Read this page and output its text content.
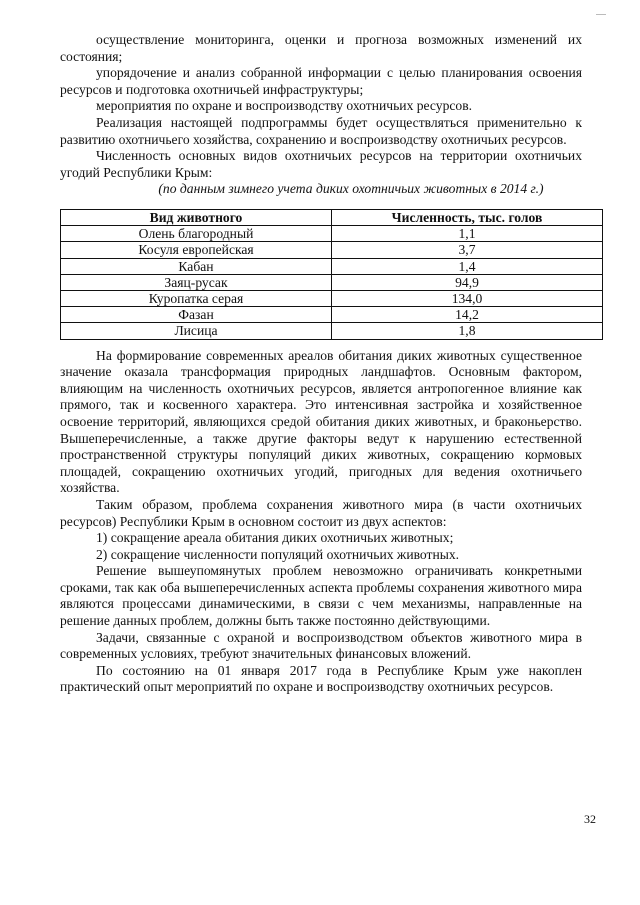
осуществление мониторинга, оценки и прогноза возможных изменений их состояния;

упорядочение и анализ собранной информации с целью планирования освоения ресурсов и подготовка охотничьей инфраструктуры;

мероприятия по охране и воспроизводству охотничьих ресурсов.

Реализация настоящей подпрограммы будет осуществляться применительно к развитию охотничьего хозяйства, сохранению и воспроизводству охотничьих ресурсов.

Численность основных видов охотничьих ресурсов на территории охотничьих угодий Республики Крым:

(по данным зимнего учета диких охотничьих животных в 2014 г.)

Вид животного	Численность, тыс. голов
Олень благородный	1,1
Косуля европейская	3,7
Кабан	1,4
Заяц-русак	94,9
Куропатка серая	134,0
Фазан	14,2
Лисица	1,8

На формирование современных ареалов обитания диких животных существенное значение оказала трансформация природных ландшафтов. Основным фактором, влияющим на численность охотничьих ресурсов, является антропогенное влияние как прямого, так и косвенного характера. Это интенсивная застройка и хозяйственное освоение территорий, являющихся средой обитания диких животных, и браконьерство. Вышеперечисленные, а также другие факторы ведут к нарушению естественной пространственной структуры популяций диких животных, сокращению кормовых площадей, сокращению охотничьих угодий, пригодных для ведения охотничьего хозяйства.

Таким образом, проблема сохранения животного мира (в части охотничьих ресурсов) Республики Крым в основном состоит из двух аспектов:

1) сокращение ареала обитания диких охотничьих животных;

2) сокращение численности популяций охотничьих животных.

Решение вышеупомянутых проблем невозможно ограничивать конкретными сроками, так как оба вышеперечисленных аспекта проблемы сохранения животного мира являются процессами динамическими, в связи с чем механизмы, направленные на решение данных проблем, должны быть также постоянно действующими.

Задачи, связанные с охраной и воспроизводством объектов животного мира в современных условиях, требуют значительных финансовых вложений.

По состоянию на 01 января 2017 года в Республике Крым уже накоплен практический опыт мероприятий по охране и воспроизводству охотничьих ресурсов.

32
